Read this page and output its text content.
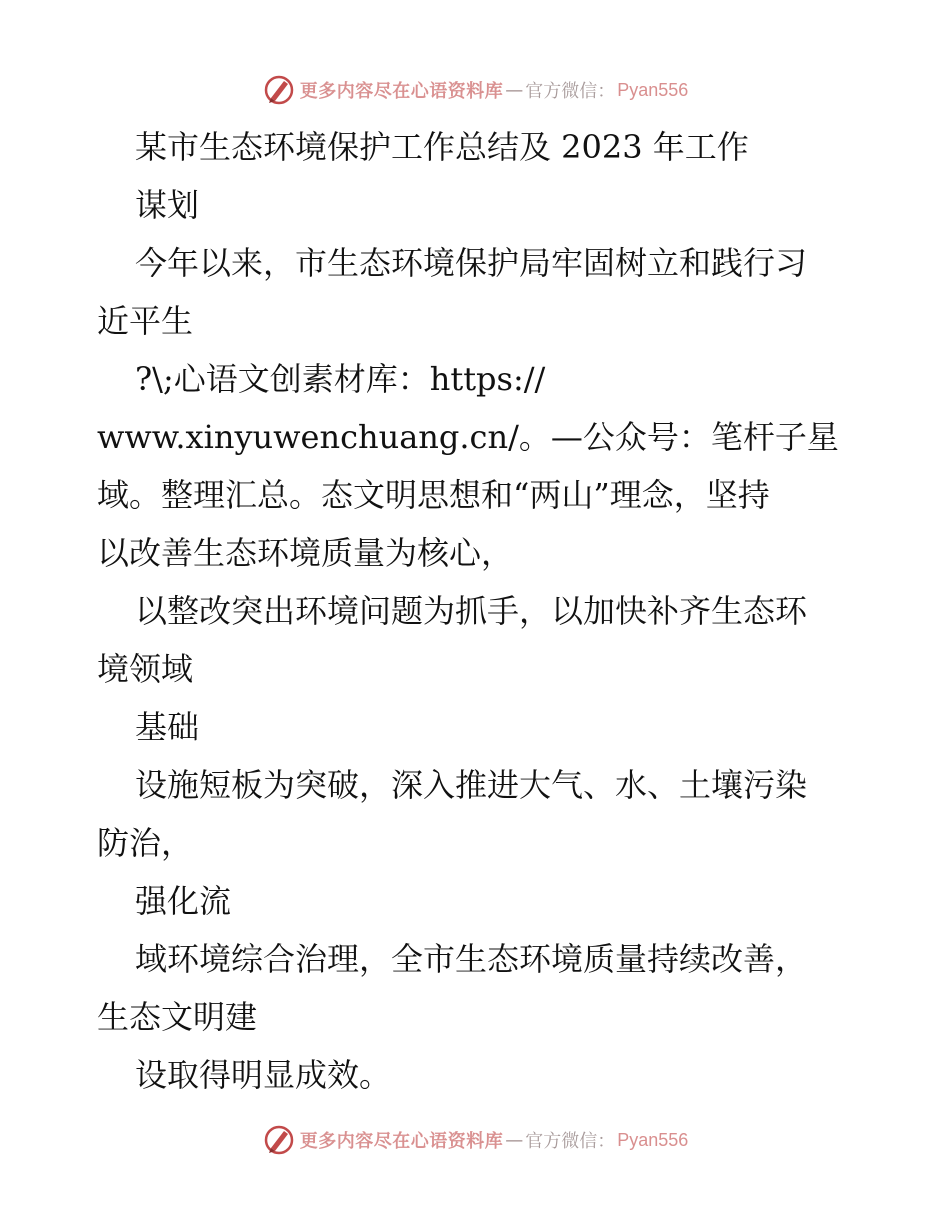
更多内容尽在心语资料库 — 官方微信： Pyan556
某市生态环境保护工作总结及 2023 年工作
谋划
今年以来，市生态环境保护局牢固树立和践行习
近平生
?\;心语文创素材库：https://
www.xinyuwenchuang.cn/。—公众号：笔杆子星
域。整理汇总。态文明思想和“两山”理念，坚持
以改善生态环境质量为核心，
以整改突出环境问题为抓手，以加快补齐生态环
境领域
基础
设施短板为突破，深入推进大气、水、土壤污染
防治，
强化流
域环境综合治理，全市生态环境质量持续改善，
生态文明建
设取得明显成效。
更多内容尽在心语资料库 — 官方微信： Pyan556
